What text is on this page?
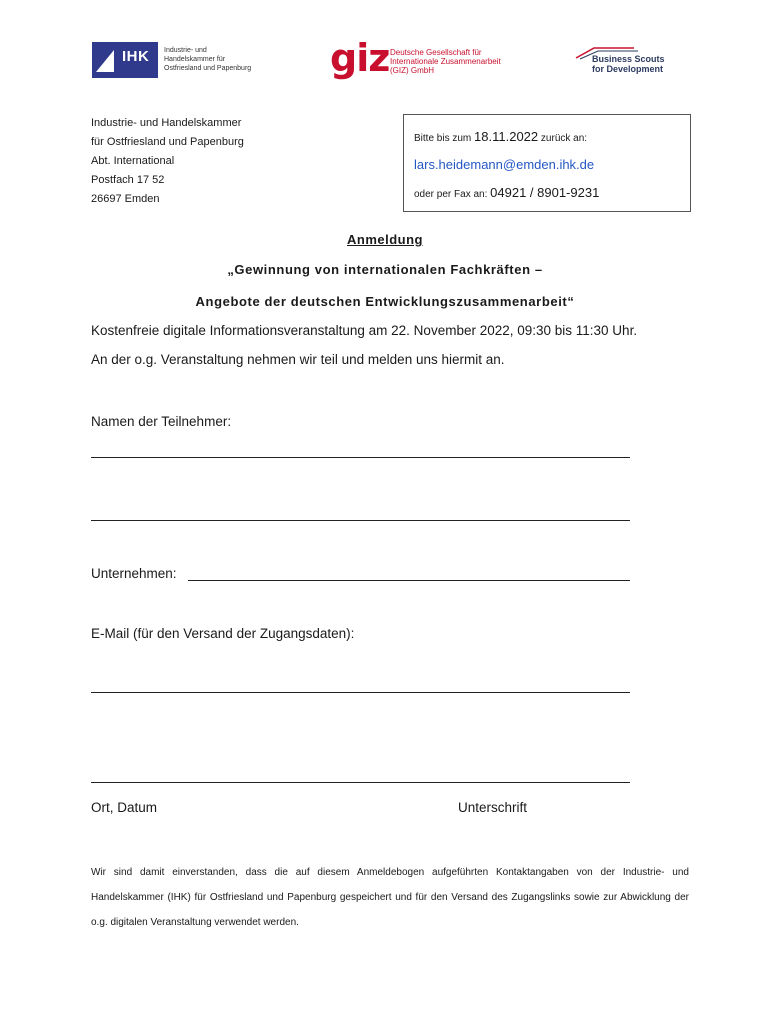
IHK Industrie- und Handelskammer für Ostfriesland und Papenburg giz Deutsche Gesellschaft für Internationale Zusammenarbeit (GIZ) GmbH
Business Scouts
for Development
Industrie- und Handelskammer
für Ostfriesland und Papenburg
Abt. International
Postfach 17 52
26697 Emden
Bitte bis zum 18.11.2022 zurück an:
lars.heidemann@emden.ihk.de
oder per Fax an: 04921 / 8901-9231
Anmeldung
„Gewinnung von internationalen Fachkräften –
Angebote der deutschen Entwicklungszusammenarbeit“
Kostenfreie digitale Informationsveranstaltung am 22. November 2022, 09:30 bis 11:30 Uhr.
An der o.g. Veranstaltung nehmen wir teil und melden uns hiermit an.
Namen der Teilnehmer:
Unternehmen:
E-Mail (für den Versand der Zugangsdaten):
Ort, Datum	Unterschrift
Wir sind damit einverstanden, dass die auf diesem Anmeldebogen aufgeführten Kontaktangaben von der Industrie- und Handelskammer (IHK) für Ostfriesland und Papenburg gespeichert und für den Versand des Zugangslinks sowie zur Abwicklung der o.g. digitalen Veranstaltung verwendet werden.
